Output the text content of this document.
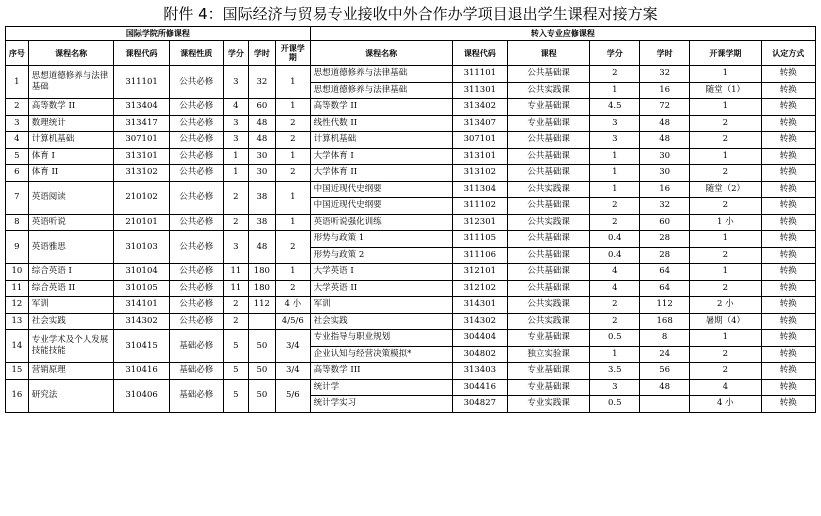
附件 4：国际经济与贸易专业接收中外合作办学项目退出学生课程对接方案
国际学院所修课程							转入专业应修课程						
序号	课程名称	课程代码	课程性质	学分	学时	开课学期	课程名称	课程代码	课程	学分	学时	开课学期	认定方式
1	思想道德修养与法律基础	311101	公共必修	3	32	1	思想道德修养与法律基础	311101	公共基础课	2	32	1	转换
							思想道德修养与法律基础	311301	公共实践课	1	16	随堂（1）	转换
2	高等数学 II	313404	公共必修	4	60	1	高等数学 II	313402	专业基础课	4.5	72	1	转换
3	数理统计	313417	公共必修	3	48	2	线性代数 II	313407	专业基础课	3	48	2	转换
4	计算机基础	307101	公共必修	3	48	2	计算机基础	307101	公共基础课	3	48	2	转换
5	体育 I	313101	公共必修	1	30	1	大学体育 I	313101	公共基础课	1	30	1	转换
6	体育 II	313102	公共必修	1	30	2	大学体育 II	313102	公共基础课	1	30	2	转换
7	英语阅读	210102	公共必修	2	38	1	中国近现代史纲要	311304	公共实践课	1	16	随堂（2）	转换
							中国近现代史纲要	311102	公共基础课	2	32	2	转换
8	英语听说	210101	公共必修	2	38	1	英语听说强化训练	312301	公共实践课	2	60	1 小	转换
9	英语雅思	310103	公共必修	3	48	2	形势与政策 1	311105	公共基础课	0.4	28	1	转换
							形势与政策 2	311106	公共基础课	0.4	28	2	转换
10	综合英语 I	310104	公共必修	11	180	1	大学英语 I	312101	公共基础课	4	64	1	转换
11	综合英语 II	310105	公共必修	11	180	2	大学英语 II	312102	公共基础课	4	64	2	转换
12	军训	314101	公共必修	2	112	4 小	军训	314301	公共实践课	2	112	2 小	转换
13	社会实践	314302	公共必修	2		4/5/6	社会实践	314302	公共实践课	2	168	暑期（4）	转换
14	专业学术及个人发展技能技能	310415	基础必修	5	50	3/4	专业指导与职业规划	304404	专业基础课	0.5	8	1	转换
							企业认知与经营决策模拟*	304802	独立实验课	1	24	2	转换
15	营销原理	310416	基础必修	5	50	3/4	高等数学 III	313403	专业基础课	3.5	56	2	转换
16	研究法	310406	基础必修	5	50	5/6	统计学	304416	专业基础课	3	48	4	转换
							统计学实习	304827	专业实践课	0.5		4 小	转换
